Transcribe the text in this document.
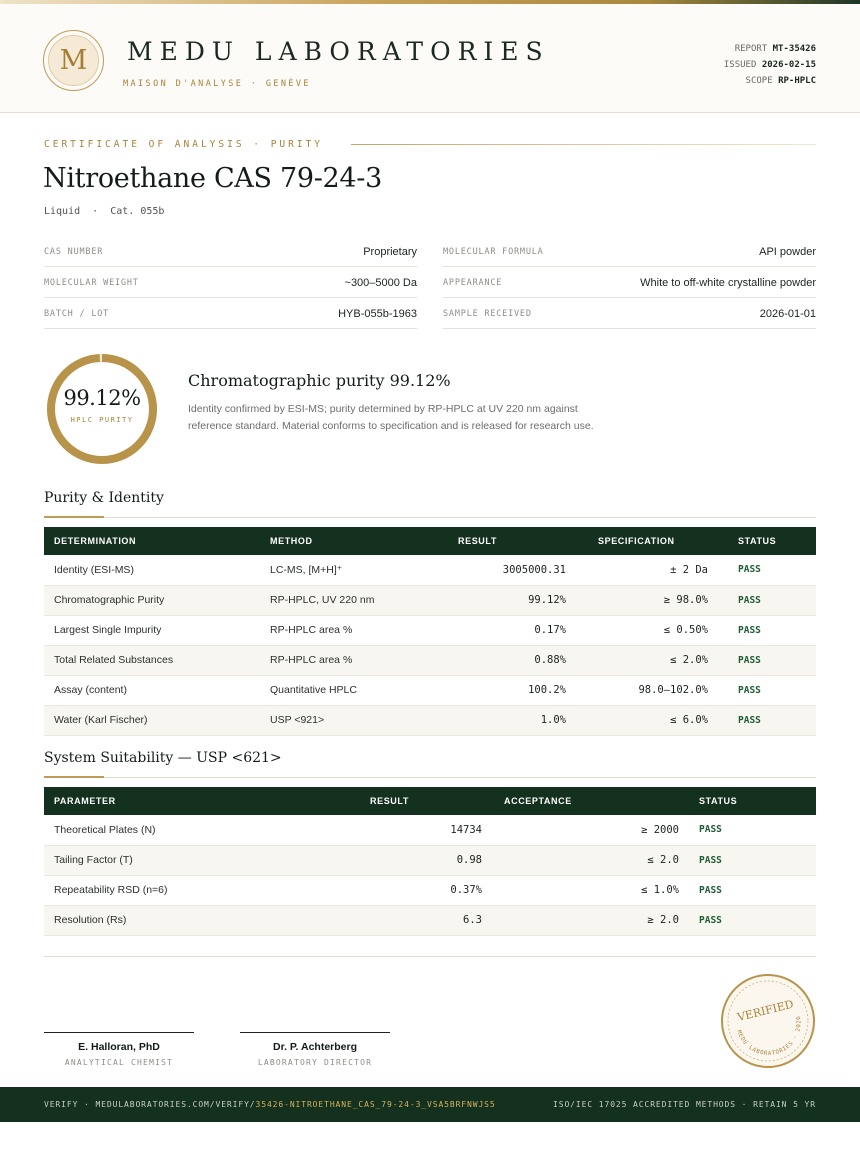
M	MEDU LABORATORIES
MAISON D'ANALYSE · GENÈVE
REPORT MT-35426
ISSUED 2026-02-15
SCOPE RP-HPLC
CERTIFICATE OF ANALYSIS · PURITY
Nitroethane CAS 79-24-3
Liquid  ·  Cat. 055b
CAS NUMBER	Proprietary	MOLECULAR FORMULA	API powder
MOLECULAR WEIGHT	~300–5000 Da	APPEARANCE	White to off-white crystalline powder
BATCH / LOT	HYB-055b-1963	SAMPLE RECEIVED	2026-01-01
99.12%
HPLC PURITY
Chromatographic purity 99.12%
Identity confirmed by ESI-MS; purity determined by RP-HPLC at UV 220 nm against reference standard. Material conforms to specification and is released for research use.
Purity & Identity
DETERMINATION	METHOD	RESULT	SPECIFICATION	STATUS
Identity (ESI-MS)	LC-MS, [M+H]⁺	3005000.31	± 2 Da	PASS
Chromatographic Purity	RP-HPLC, UV 220 nm	99.12%	≥ 98.0%	PASS
Largest Single Impurity	RP-HPLC area %	0.17%	≤ 0.50%	PASS
Total Related Substances	RP-HPLC area %	0.88%	≤ 2.0%	PASS
Assay (content)	Quantitative HPLC	100.2%	98.0–102.0%	PASS
Water (Karl Fischer)	USP <921>	1.0%	≤ 6.0%	PASS
System Suitability — USP <621>
PARAMETER	RESULT	ACCEPTANCE	STATUS
Theoretical Plates (N)	14734	≥ 2000	PASS
Tailing Factor (T)	0.98	≤ 2.0	PASS
Repeatability RSD (n=6)	0.37%	≤ 1.0%	PASS
Resolution (Rs)	6.3	≥ 2.0	PASS
E. Halloran, PhD
ANALYTICAL CHEMIST
Dr. P. Achterberg
LABORATORY DIRECTOR
VERIFIED
MEDU LABORATORIES · 2026
VERIFY · MEDULABORATORIES.COM/VERIFY/35426-NITROETHANE_CAS_79-24-3_VSA5BRFNWJS5	ISO/IEC 17025 ACCREDITED METHODS · RETAIN 5 YR
